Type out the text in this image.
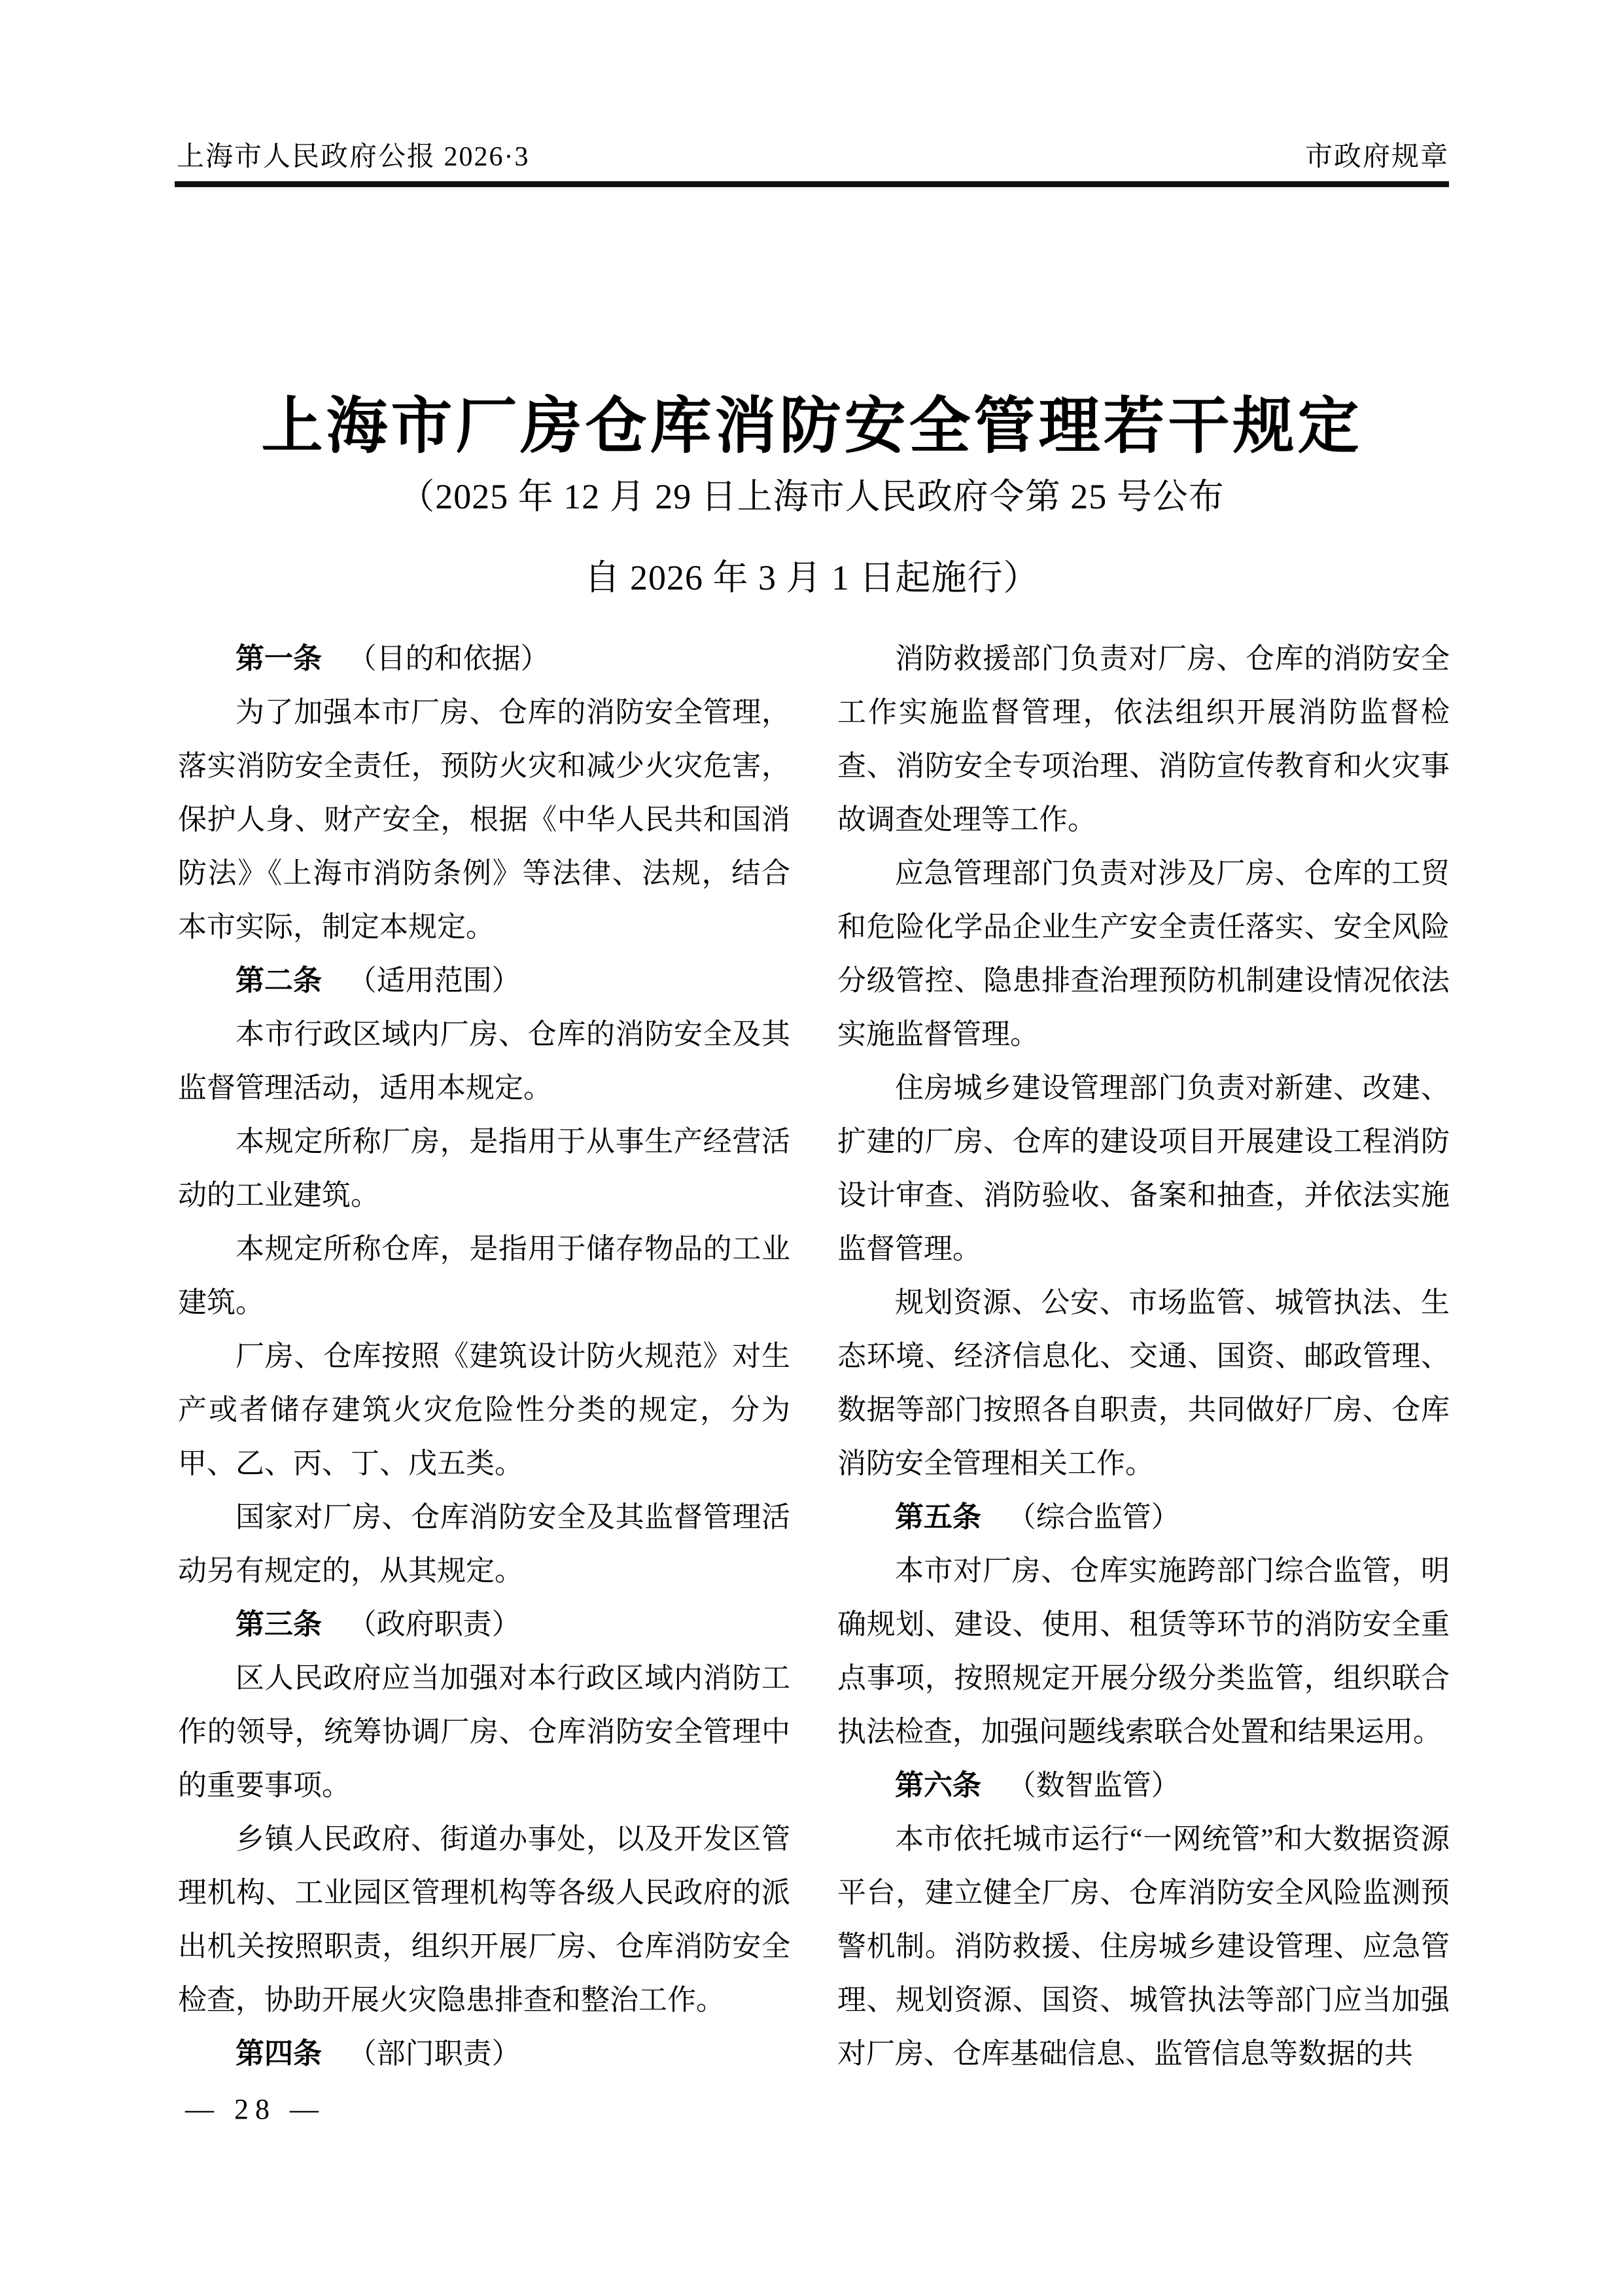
上海市人民政府公报 2026·3	市政府规章
上海市厂房仓库消防安全管理若干规定
（2025 年 12 月 29 日上海市人民政府令第 25 号公布
自 2026 年 3 月 1 日起施行）

第一条 （目的和依据）

为了加强本市厂房、仓库的消防安全管理，落实消防安全责任，预防火灾和减少火灾危害，保护人身、财产安全，根据《中华人民共和国消防法》《上海市消防条例》等法律、法规，结合本市实际，制定本规定。

第二条 （适用范围）

本市行政区域内厂房、仓库的消防安全及其监督管理活动，适用本规定。

本规定所称厂房，是指用于从事生产经营活动的工业建筑。

本规定所称仓库，是指用于储存物品的工业建筑。

厂房、仓库按照《建筑设计防火规范》对生产或者储存建筑火灾危险性分类的规定，分为甲、乙、丙、丁、戊五类。

国家对厂房、仓库消防安全及其监督管理活动另有规定的，从其规定。

第三条 （政府职责）

区人民政府应当加强对本行政区域内消防工作的领导，统筹协调厂房、仓库消防安全管理中的重要事项。

乡镇人民政府、街道办事处，以及开发区管理机构、工业园区管理机构等各级人民政府的派出机关按照职责，组织开展厂房、仓库消防安全检查，协助开展火灾隐患排查和整治工作。

第四条 （部门职责）

消防救援部门负责对厂房、仓库的消防安全工作实施监督管理，依法组织开展消防监督检查、消防安全专项治理、消防宣传教育和火灾事故调查处理等工作。

应急管理部门负责对涉及厂房、仓库的工贸和危险化学品企业生产安全责任落实、安全风险分级管控、隐患排查治理预防机制建设情况依法实施监督管理。

住房城乡建设管理部门负责对新建、改建、扩建的厂房、仓库的建设项目开展建设工程消防设计审查、消防验收、备案和抽查，并依法实施监督管理。

规划资源、公安、市场监管、城管执法、生态环境、经济信息化、交通、国资、邮政管理、数据等部门按照各自职责，共同做好厂房、仓库消防安全管理相关工作。

第五条 （综合监管）

本市对厂房、仓库实施跨部门综合监管，明确规划、建设、使用、租赁等环节的消防安全重点事项，按照规定开展分级分类监管，组织联合执法检查，加强问题线索联合处置和结果运用。

第六条 （数智监管）

本市依托城市运行“一网统管”和大数据资源平台，建立健全厂房、仓库消防安全风险监测预警机制。消防救援、住房城乡建设管理、应急管理、规划资源、国资、城管执法等部门应当加强对厂房、仓库基础信息、监管信息等数据的共

— 28 —
